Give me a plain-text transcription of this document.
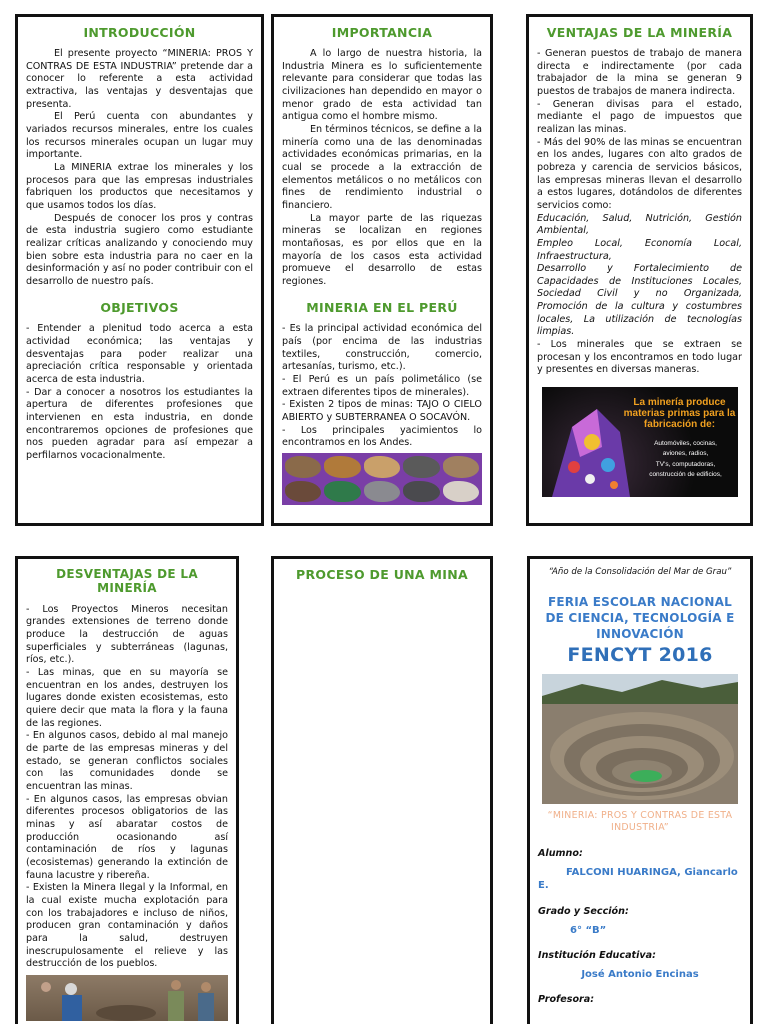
INTRODUCCIÓN

El presente proyecto “MINERIA: PROS Y CONTRAS DE ESTA INDUSTRIA” pretende dar a conocer lo referente a esta actividad extractiva, las ventajas y desventajas que presenta.

El Perú cuenta con abundantes y variados recursos minerales, entre los cuales los recursos minerales ocupan un lugar muy importante.

La MINERIA extrae los minerales y los procesos para que las empresas industriales fabriquen los productos que necesitamos y que usamos todos los días.

Después de conocer los pros y contras de esta industria sugiero como estudiante realizar críticas analizando y conociendo muy bien sobre esta industria para no caer en la desinformación y así no poder contribuir con el desarrollo de nuestro país.

OBJETIVOS

- Entender a plenitud todo acerca a esta actividad económica; las ventajas y desventajas para poder realizar una apreciación crítica responsable y orientada acerca de esta industria.

- Dar a conocer a nosotros los estudiantes la apertura de diferentes profesiones que intervienen en esta industria, en donde encontraremos opciones de profesiones que nos pueden agradar para así empezar a perfilarnos vocacionalmente.

IMPORTANCIA

A lo largo de nuestra historia, la Industria Minera es lo suficientemente relevante para considerar que todas las civilizaciones han dependido en mayor o menor grado de esta actividad tan antigua como el hombre mismo.

En términos técnicos, se define a la minería como una de las denominadas actividades económicas primarias, en la cual se procede a la extracción de elementos metálicos o no metálicos con fines de rendimiento industrial o financiero.

La mayor parte de las riquezas mineras se localizan en regiones montañosas, es por ellos que en la mayoría de los casos esta actividad promueve el desarrollo de estas regiones.

MINERIA EN EL PERÚ

- Es la principal actividad económica del país (por encima de las industrias textiles, construcción, comercio, artesanías, turismo, etc.).

- El Perú es un país polimetálico (se extraen diferentes tipos de minerales).

- Existen 2 tipos de minas: TAJO O CIELO ABIERTO y SUBTERRANEA O SOCAVÓN.

- Los principales yacimientos lo encontramos en los Andes.

VENTAJAS DE LA MINERÍA

- Generan puestos de trabajo de manera directa e indirectamente (por cada trabajador de la mina se generan 9 puestos de trabajos de manera indirecta.

- Generan divisas para el estado, mediante el pago de impuestos que realizan las minas.

- Más del 90% de las minas se encuentran en los andes, lugares con alto grados de pobreza y carencia de servicios básicos, las empresas mineras llevan el desarrollo a estos lugares, dotándolos de diferentes servicios como:

Educación, Salud, Nutrición, Gestión Ambiental,

Empleo Local, Economía Local, Infraestructura,

Desarrollo y Fortalecimiento de Capacidades de Instituciones Locales, Sociedad Civil y no Organizada, Promoción de la cultura y costumbres locales, La utilización de tecnologías limpias.

- Los minerales que se extraen se procesan y los encontramos en todo lugar y presentes en diversas maneras.

La minería produce materias primas para la fabricación de:
Automóviles, cocinas,
aviones, radios,
TV's, computadoras,
construcción de edificios,
DESVENTAJAS DE LA MINERÍA

- Los Proyectos Mineros necesitan grandes extensiones de terreno donde produce la destrucción de aguas superficiales y subterráneas (lagunas, ríos, etc.).

- Las minas, que en su mayoría se encuentran en los andes, destruyen los lugares donde existen ecosistemas, esto quiere decir que mata la flora y la fauna de las regiones.

- En algunos casos, debido al mal manejo de parte de las empresas mineras y del estado, se generan conflictos sociales con las comunidades donde se encuentran las minas.

- En algunos casos, las empresas obvian diferentes procesos obligatorios de las minas y así abaratar costos de producción ocasionando así contaminación de ríos y lagunas (ecosistemas) generando la extinción de fauna lacustre y ribereña.

- Existen la Minera Ilegal y la Informal, en la cual existe mucha explotación para con los trabajadores e incluso de niños, producen gran contaminación y daños para la salud, destruyen inescrupulosamente el relieve y las destrucción de los pueblos.

PROCESO DE UNA MINA	“Año de la Consolidación del Mar de Grau”

FERIA ESCOLAR NACIONAL DE CIENCIA, TECNOLOGÍA E INNOVACIÓN

FENCYT 2016

“MINERIA: PROS Y CONTRAS DE ESTA INDUSTRIA”

Alumno:

FALCONI HUARINGA, Giancarlo E.

Grado y Sección:

6° “B”

Institución Educativa:

José Antonio Encinas

Profesora:
